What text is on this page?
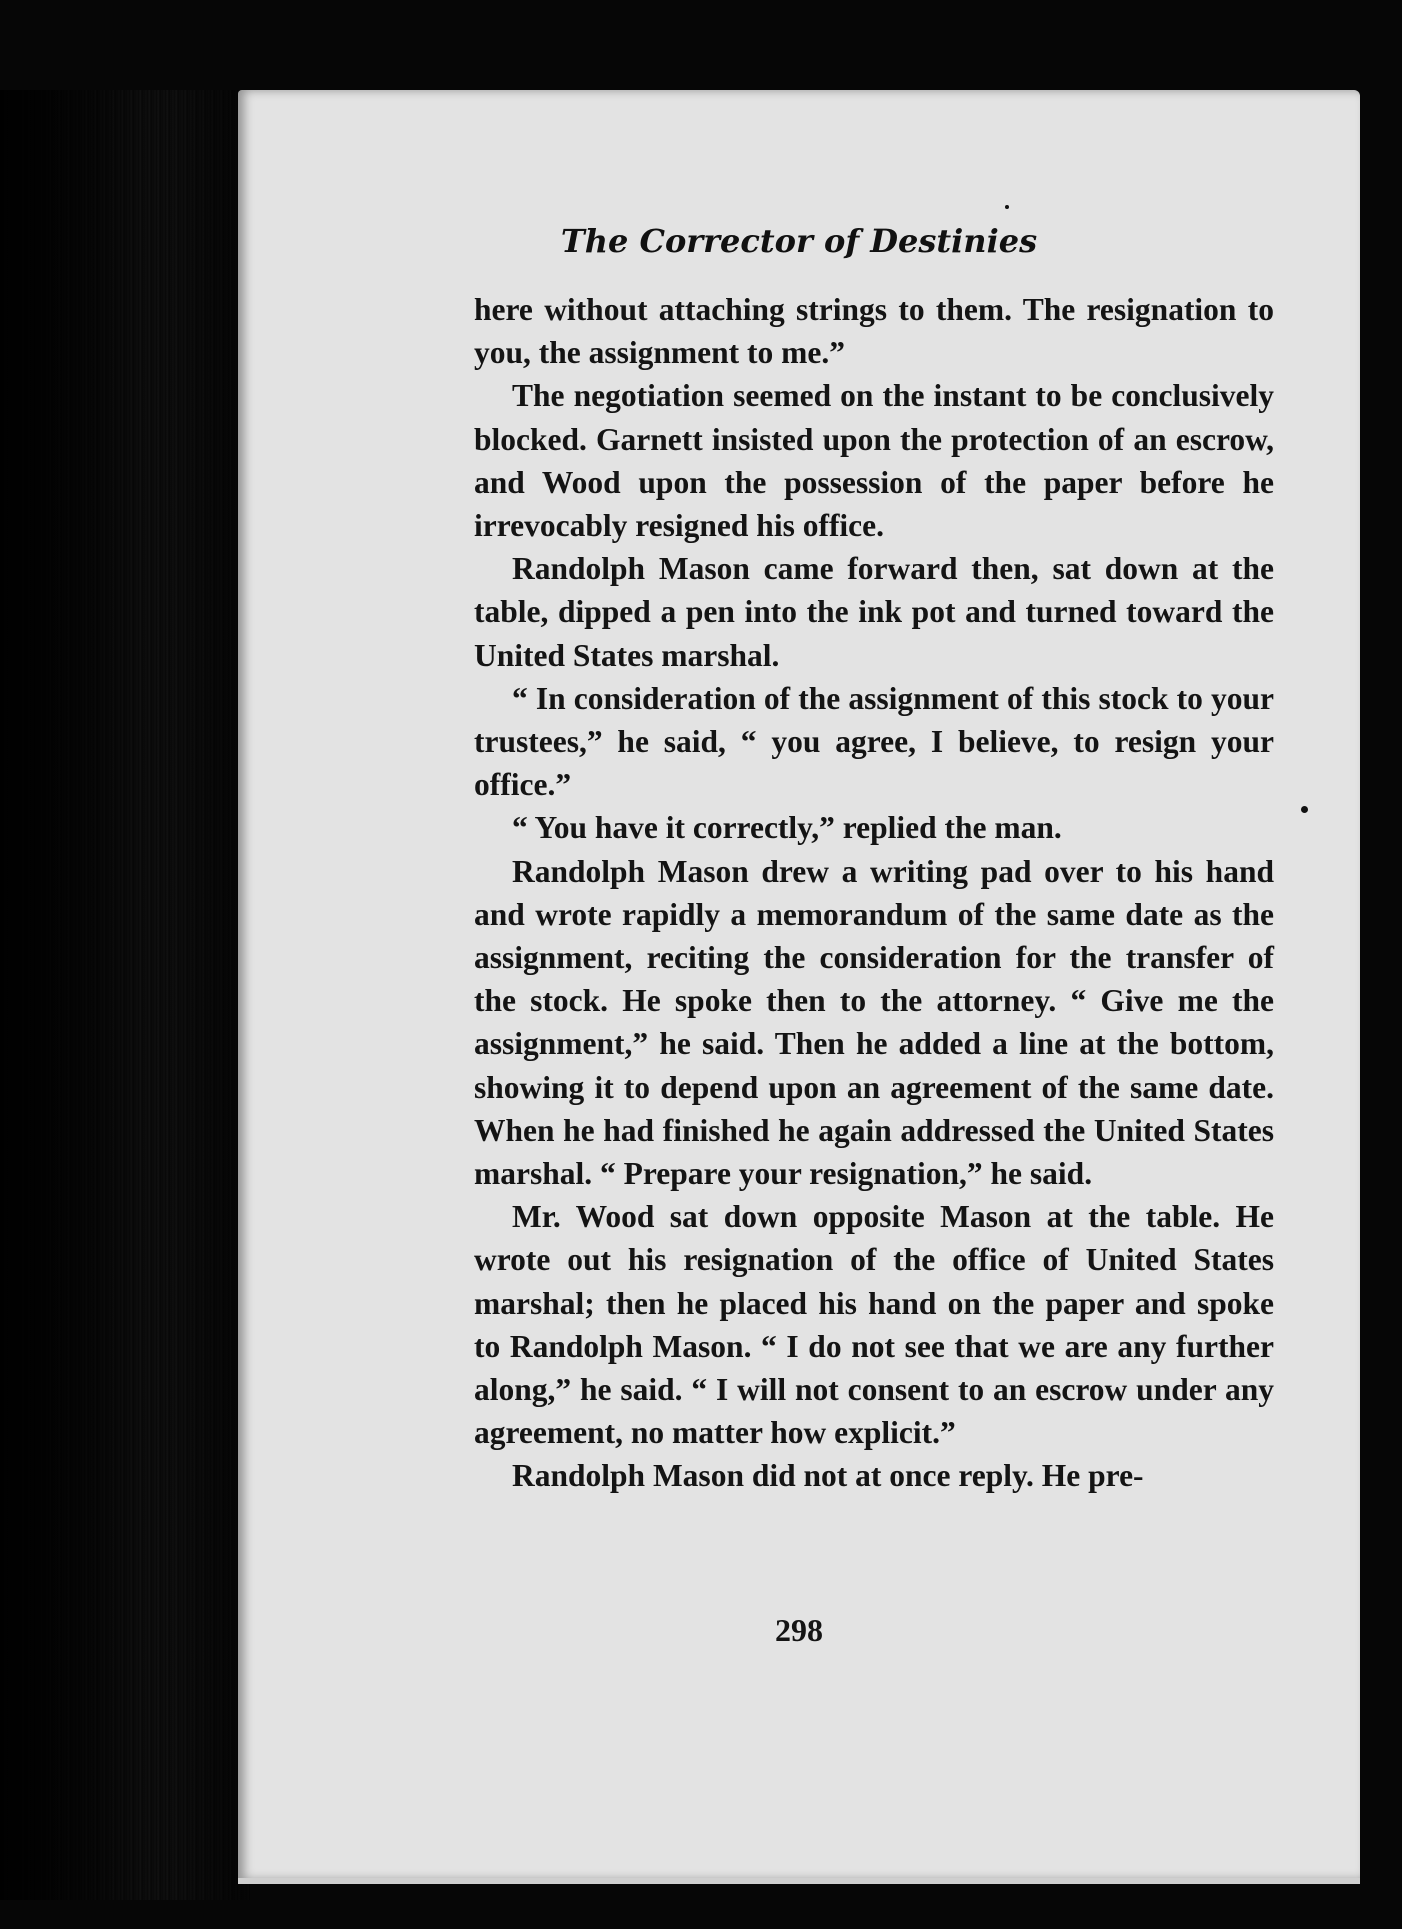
The Corrector of Destinies

here without attaching strings to them. The resignation to you, the assignment to me.”

The negotiation seemed on the instant to be conclusively blocked. Garnett insisted upon the protection of an escrow, and Wood upon the possession of the paper before he irrevocably resigned his office.

Randolph Mason came forward then, sat down at the table, dipped a pen into the ink pot and turned toward the United States marshal.

“ In consideration of the assignment of this stock to your trustees,” he said, “ you agree, I believe, to resign your office.”

“ You have it correctly,” replied the man.

Randolph Mason drew a writing pad over to his hand and wrote rapidly a memorandum of the same date as the assignment, reciting the consideration for the transfer of the stock. He spoke then to the attorney. “ Give me the assignment,” he said. Then he added a line at the bottom, showing it to depend upon an agreement of the same date. When he had finished he again addressed the United States marshal. “ Prepare your resignation,” he said.

Mr. Wood sat down opposite Mason at the table. He wrote out his resignation of the office of United States marshal; then he placed his hand on the paper and spoke to Randolph Mason. “ I do not see that we are any further along,” he said. “ I will not consent to an escrow under any agreement, no matter how explicit.”

Randolph Mason did not at once reply. He pre-

298
